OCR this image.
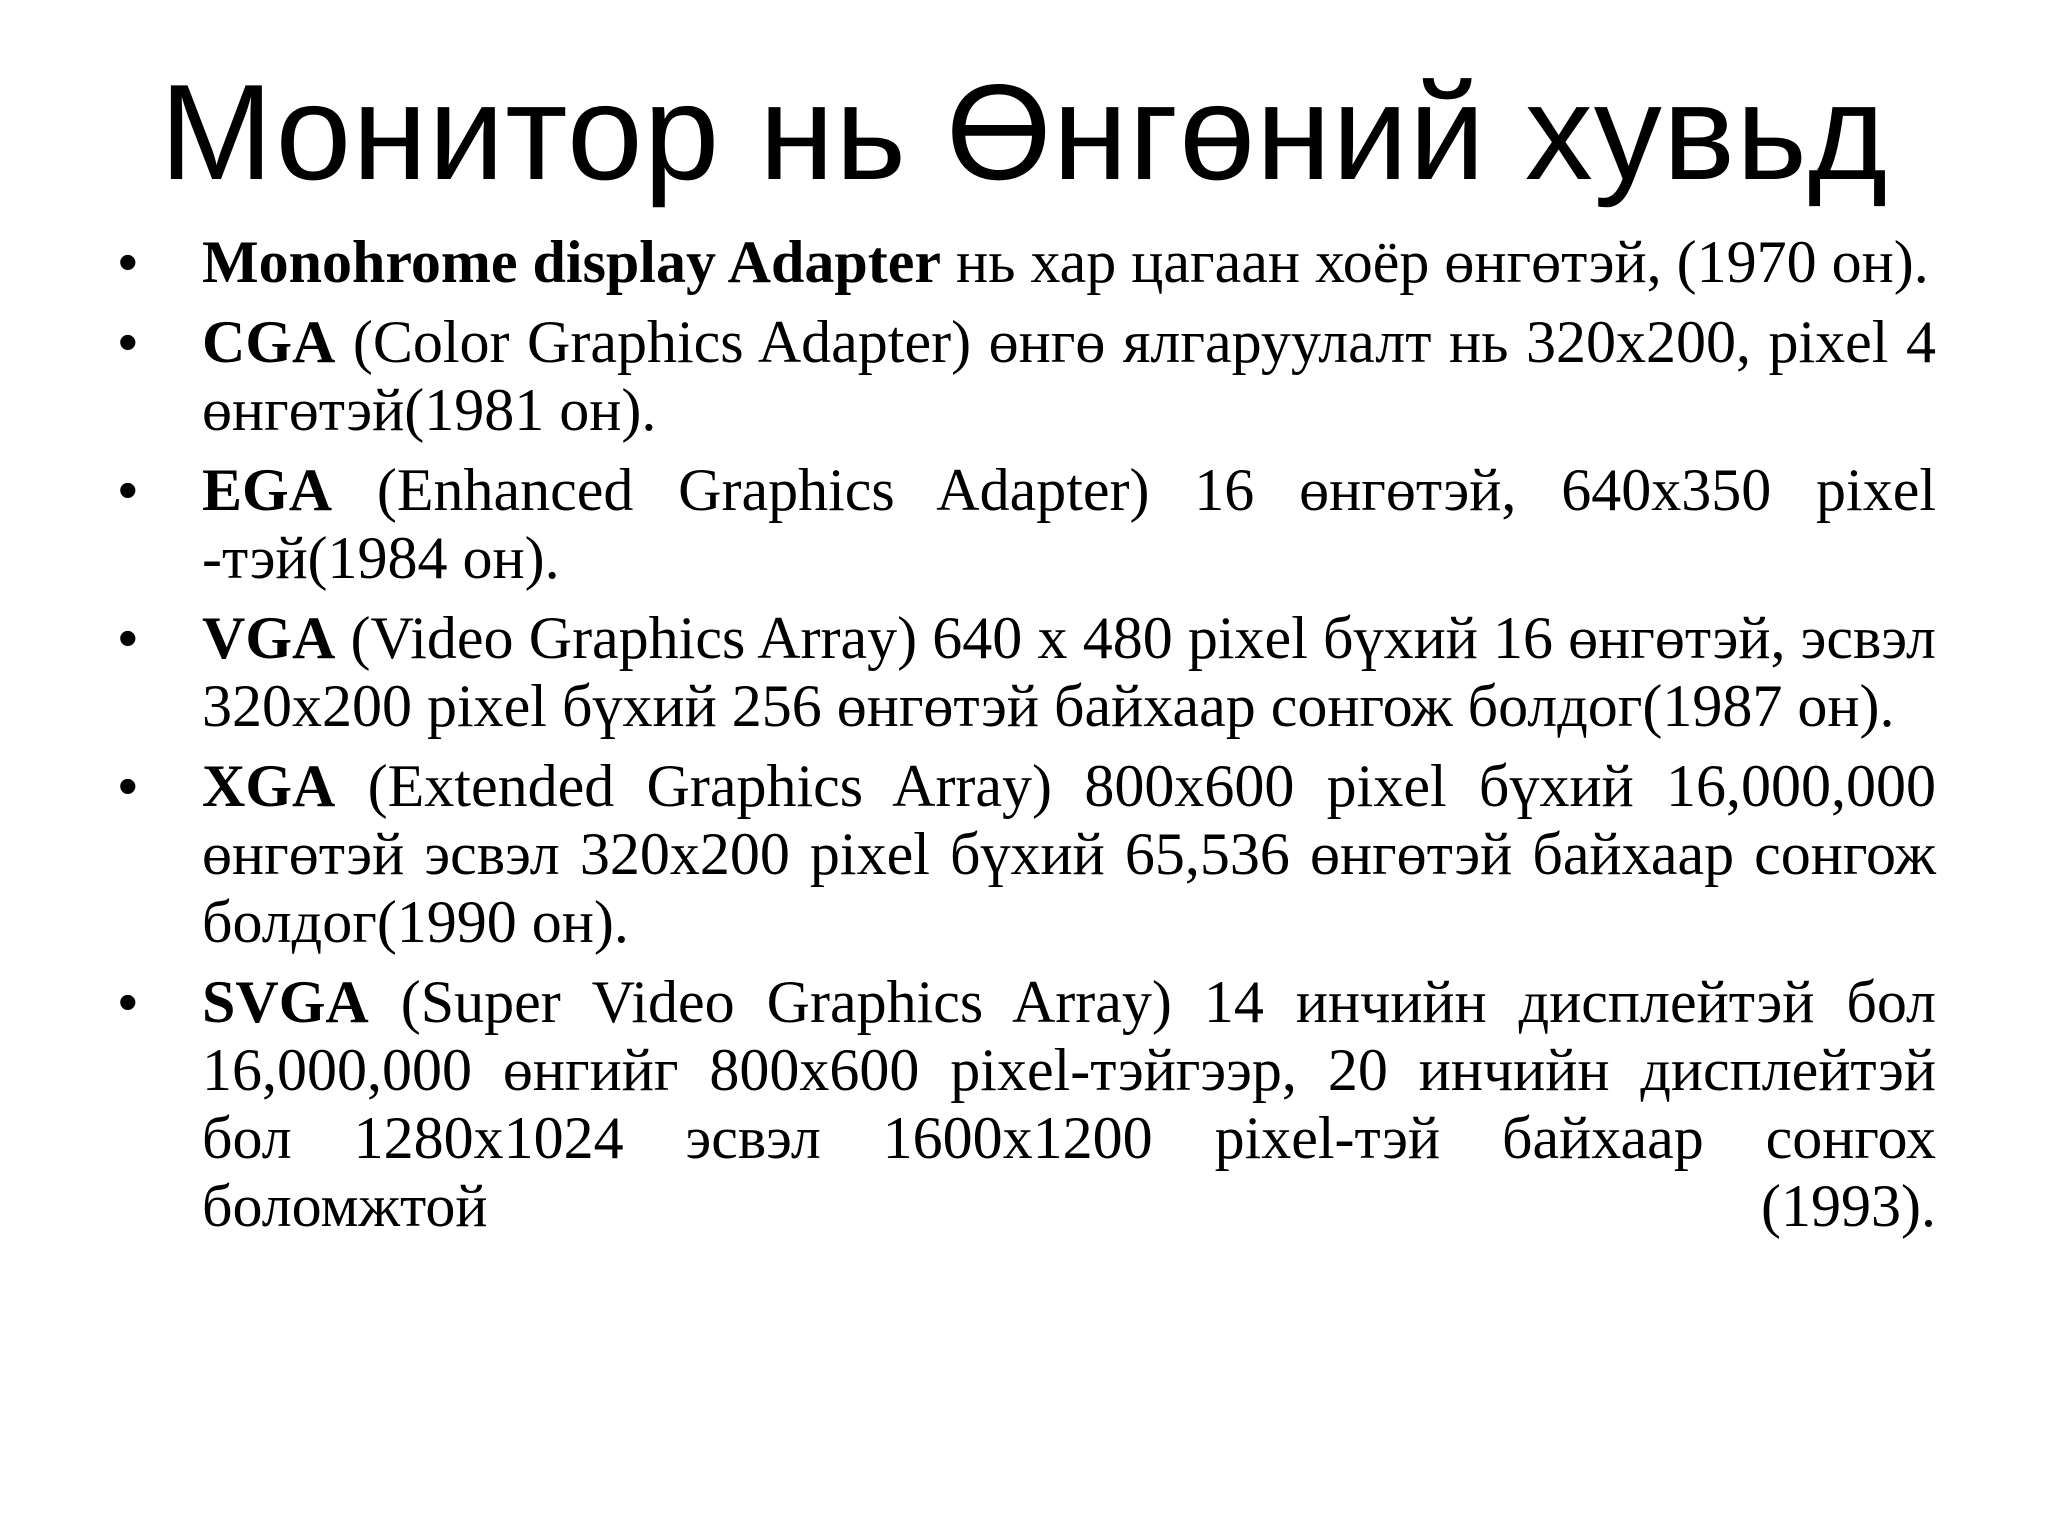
Монитор нь Өнгөний хувьд
• Monohrome display Adapter нь хар цагаан хоёр өнгөтэй, (1970 он).
• CGA (Color Graphics Adapter) өнгө ялгаруулалт нь 320x200, pixel 4 өнгөтэй(1981 он).
• EGA (Enhanced Graphics Adapter) 16 өнгөтэй, 640x350 pixel -тэй(1984 он).
• VGA (Video Graphics Array) 640 x 480 pixel бүхий 16 өнгөтэй, эсвэл 320x200 pixel бүхий 256 өнгөтэй байхаар сонгож болдог(1987 он).
• XGA (Extended Graphics Array) 800x600 pixel бүхий 16,000,000 өнгөтэй эсвэл 320x200 pixel бүхий 65,536 өнгөтэй байхаар сонгож болдог(1990 он).
• SVGA (Super Video Graphics Array) 14 инчийн дисплейтэй бол 16,000,000 өнгийг 800x600 pixel-тэйгээр, 20 инчийн дисплейтэй бол 1280x1024 эсвэл 1600x1200 pixel-тэй байхаар сонгох боломжтой (1993).
